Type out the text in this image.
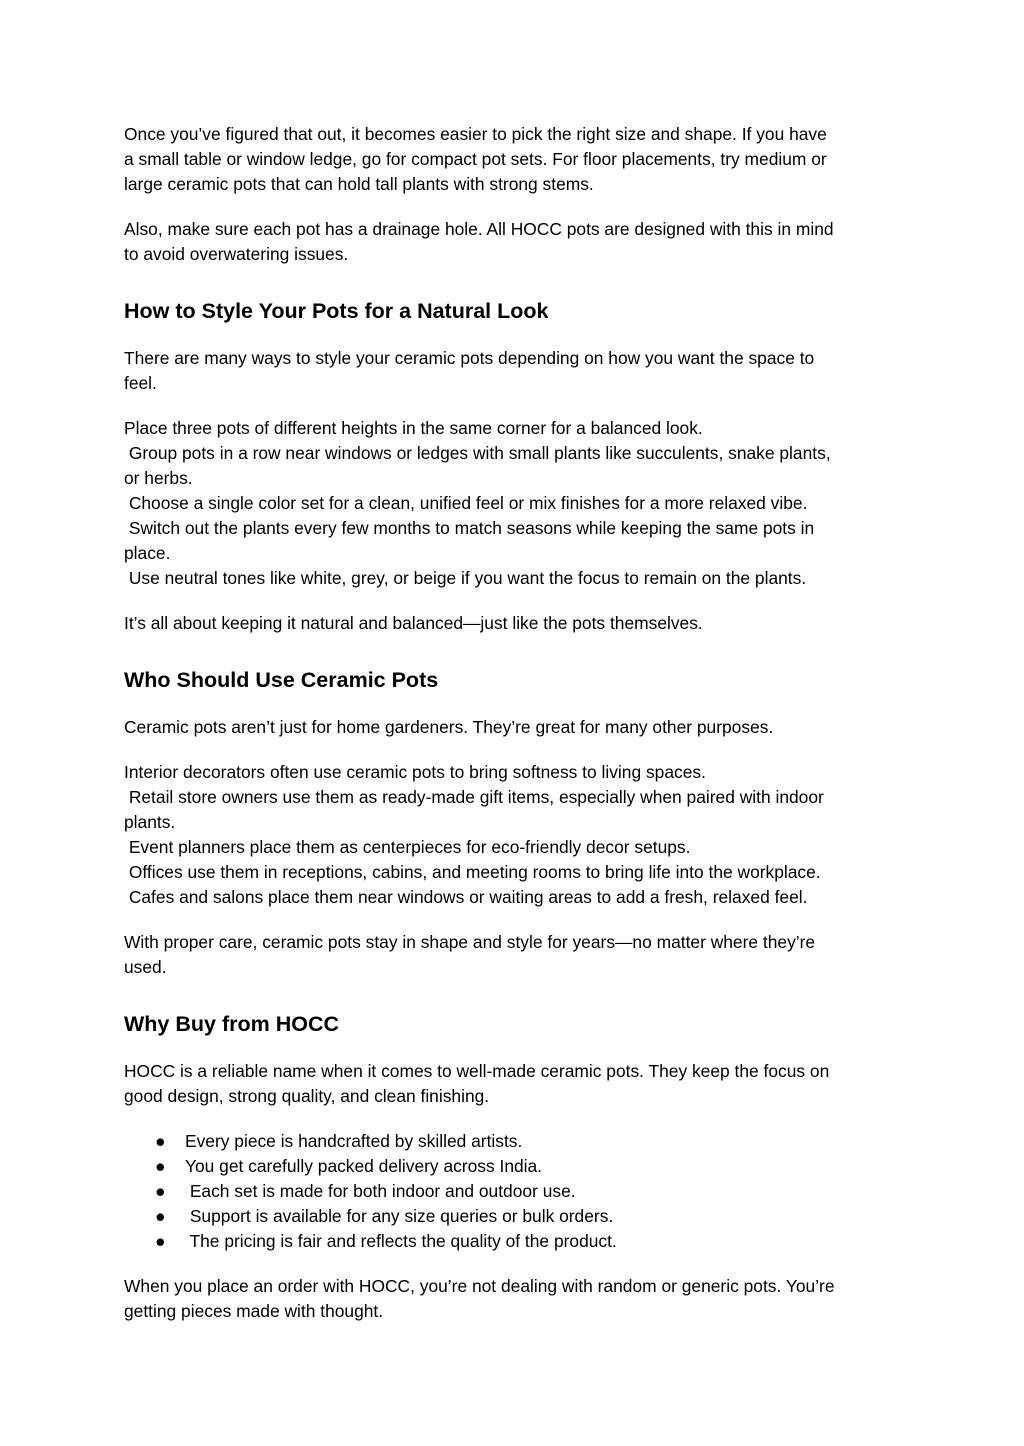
Once you’ve figured that out, it becomes easier to pick the right size and shape. If you have
a small table or window ledge, go for compact pot sets. For floor placements, try medium or
large ceramic pots that can hold tall plants with strong stems.
Also, make sure each pot has a drainage hole. All HOCC pots are designed with this in mind
to avoid overwatering issues.
How to Style Your Pots for a Natural Look
There are many ways to style your ceramic pots depending on how you want the space to
feel.
Place three pots of different heights in the same corner for a balanced look.
Group pots in a row near windows or ledges with small plants like succulents, snake plants,
or herbs.
Choose a single color set for a clean, unified feel or mix finishes for a more relaxed vibe.
Switch out the plants every few months to match seasons while keeping the same pots in
place.
Use neutral tones like white, grey, or beige if you want the focus to remain on the plants.
It’s all about keeping it natural and balanced—just like the pots themselves.
Who Should Use Ceramic Pots
Ceramic pots aren’t just for home gardeners. They’re great for many other purposes.
Interior decorators often use ceramic pots to bring softness to living spaces.
Retail store owners use them as ready-made gift items, especially when paired with indoor
plants.
Event planners place them as centerpieces for eco-friendly decor setups.
Offices use them in receptions, cabins, and meeting rooms to bring life into the workplace.
Cafes and salons place them near windows or waiting areas to add a fresh, relaxed feel.
With proper care, ceramic pots stay in shape and style for years—no matter where they’re
used.
Why Buy from HOCC
HOCC is a reliable name when it comes to well-made ceramic pots. They keep the focus on
good design, strong quality, and clean finishing.
● Every piece is handcrafted by skilled artists.
● You get carefully packed delivery across India.
● Each set is made for both indoor and outdoor use.
● Support is available for any size queries or bulk orders.
● The pricing is fair and reflects the quality of the product.
When you place an order with HOCC, you’re not dealing with random or generic pots. You’re
getting pieces made with thought.
